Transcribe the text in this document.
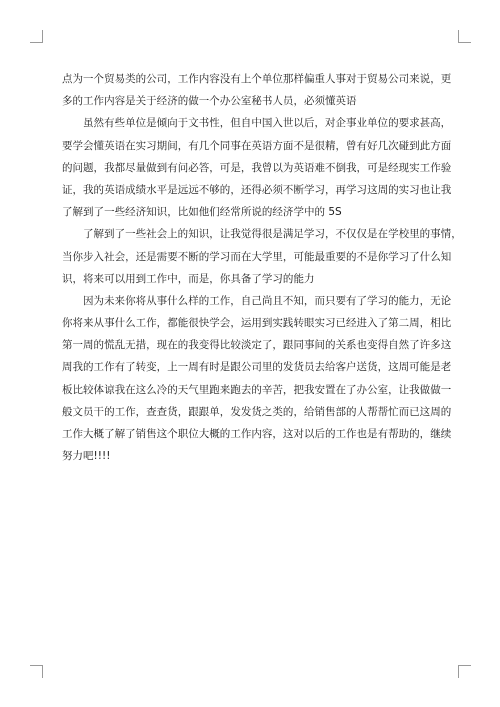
点为一个贸易类的公司，工作内容没有上个单位那样偏重人事对于贸易公司来说，更
多的工作内容是关于经济的做一个办公室秘书人员，必须懂英语
虽然有些单位是倾向于文书性，但自中国入世以后，对企事业单位的要求甚高，
要学会懂英语在实习期间，有几个同事在英语方面不是很精，曾有好几次碰到此方面
的问题，我都尽量做到有问必答，可是，我曾以为英语难不倒我，可是经现实工作验
证，我的英语成绩水平是远远不够的，还得必须不断学习，再学习这周的实习也让我
了解到了一些经济知识，比如他们经常所说的经济学中的 5S
了解到了一些社会上的知识，让我觉得很是满足学习，不仅仅是在学校里的事情，
当你步入社会，还是需要不断的学习而在大学里，可能最重要的不是你学习了什么知
识，将来可以用到工作中，而是，你具备了学习的能力
因为未来你将从事什么样的工作，自己尚且不知，而只要有了学习的能力，无论
你将来从事什么工作，都能很快学会，运用到实践转眼实习已经进入了第二周，相比
第一周的慌乱无措，现在的我变得比较淡定了，跟同事间的关系也变得自然了许多这
周我的工作有了转变，上一周有时是跟公司里的发货员去给客户送货，这周可能是老
板比较体谅我在这么冷的天气里跑来跑去的辛苦，把我安置在了办公室，让我做做一
般文员干的工作，查查货，跟跟单，发发货之类的，给销售部的人帮帮忙而已这周的
工作大概了解了销售这个职位大概的工作内容，这对以后的工作也是有帮助的，继续
努力吧!!!!
